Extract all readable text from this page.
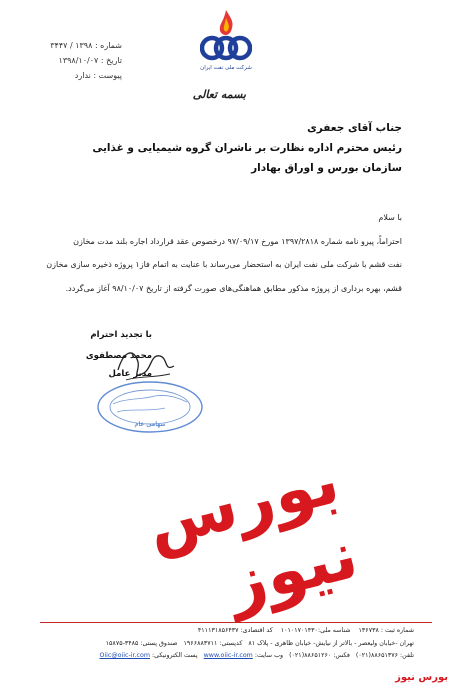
شماره : ۱۳۹۸ / ۳۴۴۷
تاریخ : ۱۳۹۸/۱۰/۰۷
پیوست : ندارد
شرکت ملی نفت ایران
بسمه تعالی
جناب آقای جعفری
رئیس محترم اداره نظارت بر ناشران گروه شیمیایی و غذایی
سازمان بورس و اوراق بهادار
با سلام
احتراماً، پیرو نامه شماره ۱۳۹۷/۲۸۱۸ مورخ ۹۷/۰۹/۱۷ درخصوص عقد قرارداد اجاره بلند مدت مخازن
نفت قشم با شرکت ملی نفت ایران به استحضار می‌رساند با عنایت به اتمام فاز۱ پروژه ذخیره سازی مخازن
قشم، بهره برداری از پروژه مذکور مطابق هماهنگی‌های صورت گرفته از تاریخ ۹۸/۱۰/۰۷ آغاز می‌گردد.
با تجدید احترام
محمد مصطفوی
مدیر عامل
سهامی عام
بورس نیوز
شماره ثبت : ۱۳۶۷۳۸    شناسه ملی:۱۰۱۰۱۷۰۱۴۳۰    کد اقتصادی: ۴۱۱۱۳۱۸۵۶۴۳۷
تهران -خیابان ولیعصر - بالاتر از نیایش- خیابان ظاهری - پلاک ۸۱   کدپستی: ۱۹۶۶۸۸۳۷۱۱   صندوق پستی: ۳۴۸۵-۱۵۸۷۵
تلفن: ۸۸۶۵۱۳۷۶(۰۲۱)   فکس: ۸۸۶۵۱۲۶۰(۰۲۱)   وب سایت: www.oiic-ir.com   پست الکترونیکی: Oiic@oiic-ir.com
بورس نیوز
